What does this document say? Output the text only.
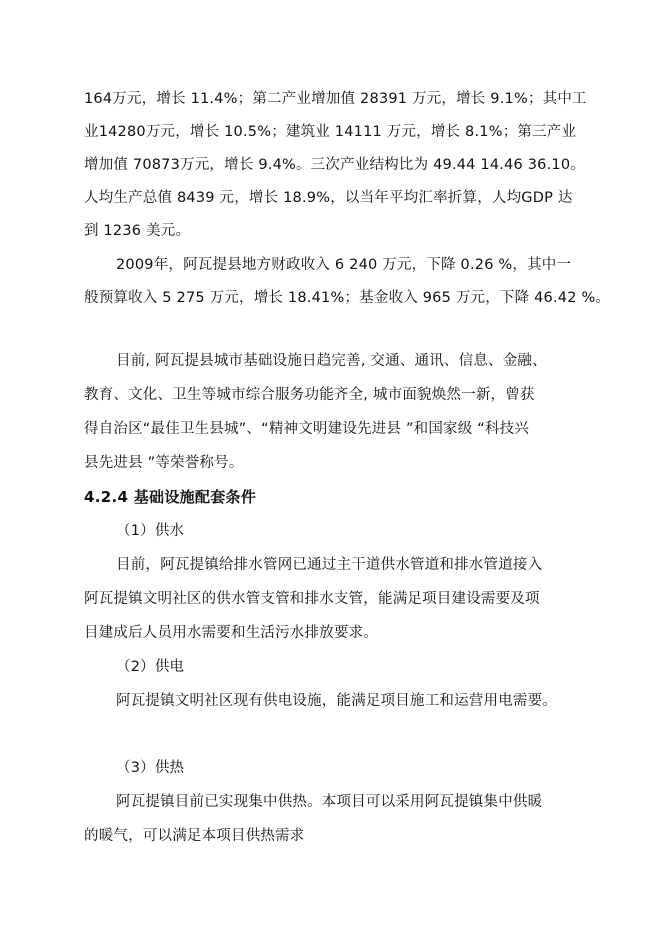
164万元，增长 11.4%；第二产业增加值 28391 万元，增长 9.1%；其中工
业14280万元，增长 10.5%；建筑业 14111 万元，增长 8.1%；第三产业
增加值 70873万元，增长 9.4%。三次产业结构比为 49.44 14.46 36.10。
人均生产总值 8439 元，增长 18.9%，以当年平均汇率折算，人均GDP 达
到 1236 美元。
2009年，阿瓦提县地方财政收入 6 240 万元，下降 0.26 %，其中一
般预算收入 5 275 万元，增长 18.41%；基金收入 965 万元，下降 46.42 %。
目前, 阿瓦提县城市基础设施日趋完善, 交通、通讯、信息、金融、
教育、文化、卫生等城市综合服务功能齐全, 城市面貌焕然一新，曾获
得自治区“最佳卫生县城”、“精神文明建设先进县 ”和国家级 “科技兴
县先进县 ”等荣誉称号。
4.2.4 基础设施配套条件
（1）供水
目前，阿瓦提镇给排水管网已通过主干道供水管道和排水管道接入
阿瓦提镇文明社区的供水管支管和排水支管，能满足项目建设需要及项
目建成后人员用水需要和生活污水排放要求。
（2）供电
阿瓦提镇文明社区现有供电设施，能满足项目施工和运营用电需要。
（3）供热
阿瓦提镇目前已实现集中供热。本项目可以采用阿瓦提镇集中供暖
的暖气，可以满足本项目供热需求
